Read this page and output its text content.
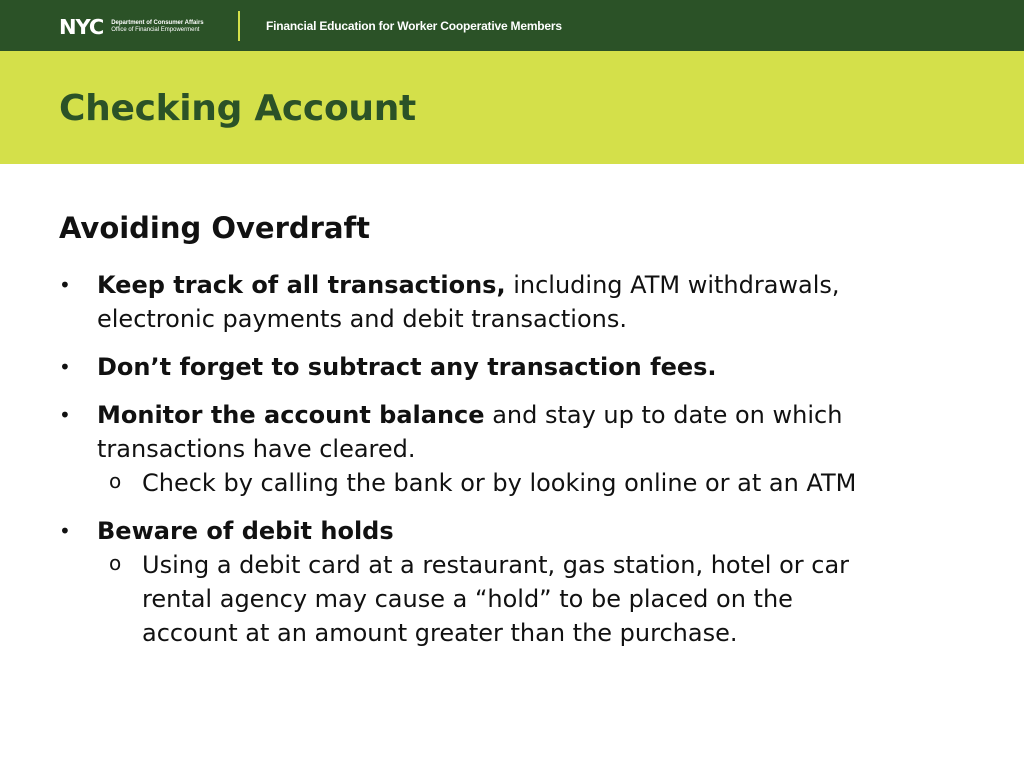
NYC Department of Consumer Affairs
Office of Financial Empowerment	Financial Education for Worker Cooperative Members
Checking Account
Avoiding Overdraft
• Keep track of all transactions, including ATM withdrawals, electronic payments and debit transactions.
• Don’t forget to subtract any transaction fees.
• Monitor the account balance and stay up to date on which transactions have cleared.
o Check by calling the bank or by looking online or at an ATM
• Beware of debit holds
o Using a debit card at a restaurant, gas station, hotel or car rental agency may cause a “hold” to be placed on the account at an amount greater than the purchase.
